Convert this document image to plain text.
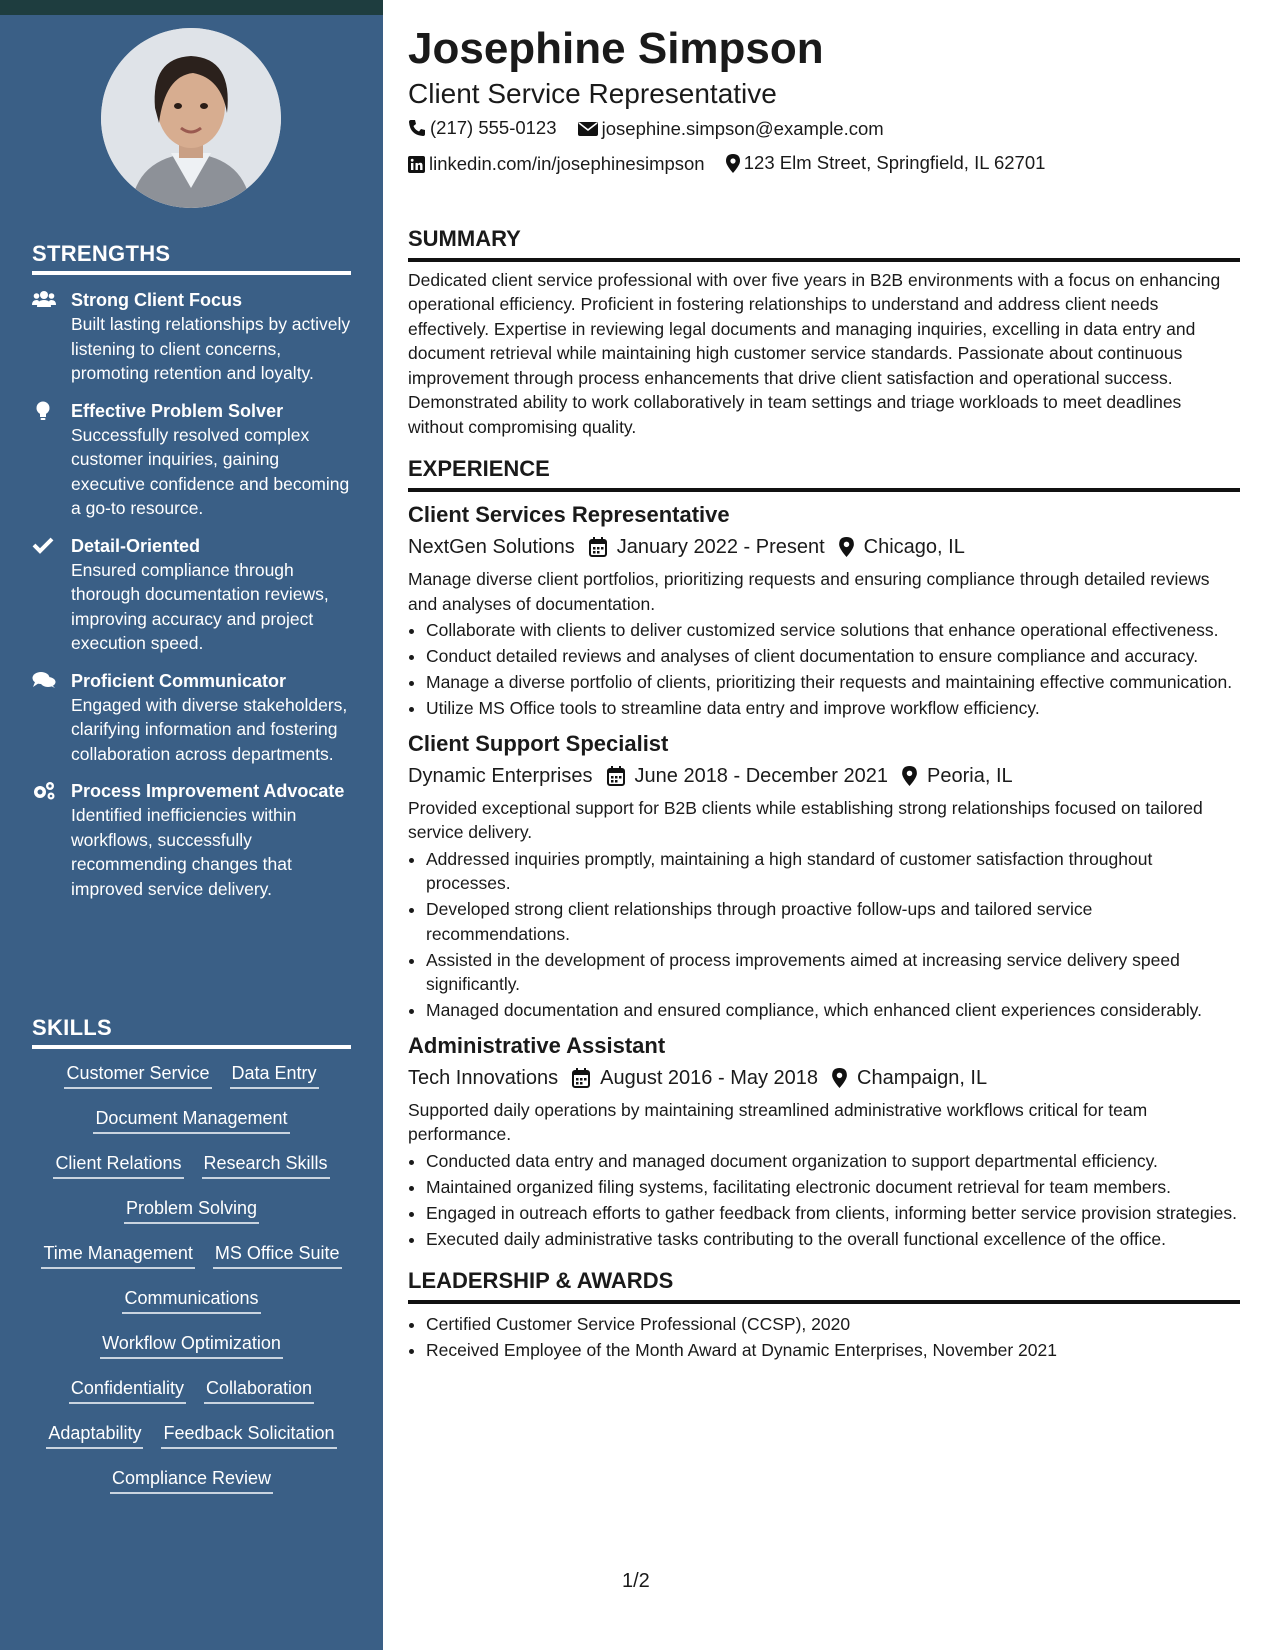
STRENGTHS
Strong Client Focus
Built lasting relationships by actively listening to client concerns, promoting retention and loyalty.
Effective Problem Solver
Successfully resolved complex customer inquiries, gaining executive confidence and becoming a go-to resource.
Detail-Oriented
Ensured compliance through thorough documentation reviews, improving accuracy and project execution speed.
Proficient Communicator
Engaged with diverse stakeholders, clarifying information and fostering collaboration across departments.
Process Improvement Advocate
Identified inefficiencies within workflows, successfully recommending changes that improved service delivery.
SKILLS
Customer Service Data Entry
Document Management
Client Relations Research Skills
Problem Solving
Time Management MS Office Suite
Communications
Workflow Optimization
Confidentiality Collaboration
Adaptability Feedback Solicitation
Compliance Review
Josephine Simpson
Client Service Representative
(217) 555-0123
josephine.simpson@example.com
linkedin.com/in/josephinesimpson
123 Elm Street, Springfield, IL 62701
SUMMARY

Dedicated client service professional with over five years in B2B environments with a focus on enhancing operational efficiency. Proficient in fostering relationships to understand and address client needs effectively. Expertise in reviewing legal documents and managing inquiries, excelling in data entry and document retrieval while maintaining high customer service standards. Passionate about continuous improvement through process enhancements that drive client satisfaction and operational success. Demonstrated ability to work collaboratively in team settings and triage workloads to meet deadlines without compromising quality.

EXPERIENCE
Client Services Representative
NextGen Solutions January 2022 - Present Chicago, IL

Manage diverse client portfolios, prioritizing requests and ensuring compliance through detailed reviews and analyses of documentation.

• Collaborate with clients to deliver customized service solutions that enhance operational effectiveness.
• Conduct detailed reviews and analyses of client documentation to ensure compliance and accuracy.
• Manage a diverse portfolio of clients, prioritizing their requests and maintaining effective communication.
• Utilize MS Office tools to streamline data entry and improve workflow efficiency.
Client Support Specialist
Dynamic Enterprises June 2018 - December 2021 Peoria, IL

Provided exceptional support for B2B clients while establishing strong relationships focused on tailored service delivery.

• Addressed inquiries promptly, maintaining a high standard of customer satisfaction throughout processes.
• Developed strong client relationships through proactive follow-ups and tailored service recommendations.
• Assisted in the development of process improvements aimed at increasing service delivery speed significantly.
• Managed documentation and ensured compliance, which enhanced client experiences considerably.
Administrative Assistant
Tech Innovations August 2016 - May 2018 Champaign, IL

Supported daily operations by maintaining streamlined administrative workflows critical for team performance.

• Conducted data entry and managed document organization to support departmental efficiency.
• Maintained organized filing systems, facilitating electronic document retrieval for team members.
• Engaged in outreach efforts to gather feedback from clients, informing better service provision strategies.
• Executed daily administrative tasks contributing to the overall functional excellence of the office.
LEADERSHIP & AWARDS
• Certified Customer Service Professional (CCSP), 2020
• Received Employee of the Month Award at Dynamic Enterprises, November 2021
1/2
